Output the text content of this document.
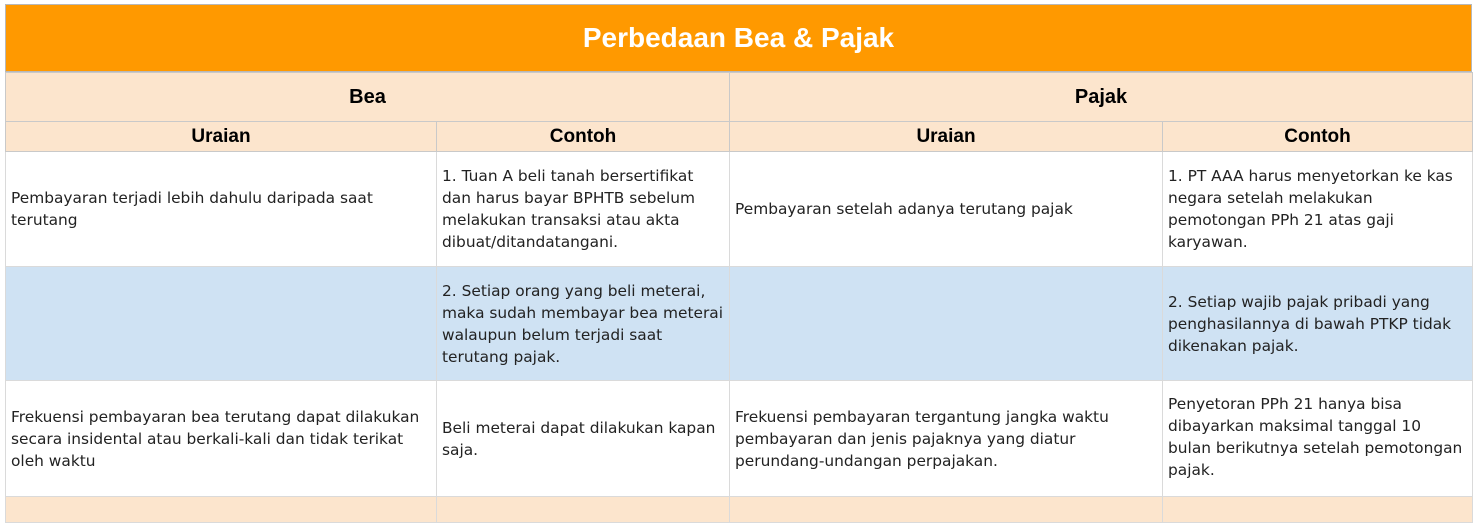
Perbedaan Bea & Pajak
Bea		Pajak	
Uraian	Contoh	Uraian	Contoh
Pembayaran terjadi lebih dahulu daripada saat terutang	1. Tuan A beli tanah bersertifikat dan harus bayar BPHTB sebelum melakukan transaksi atau akta dibuat/ditandatangani.	Pembayaran setelah adanya terutang pajak	1. PT AAA harus menyetorkan ke kas negara setelah melakukan pemotongan PPh 21 atas gaji karyawan.
	2. Setiap orang yang beli meterai, maka sudah membayar bea meterai walaupun belum terjadi saat terutang pajak.		2. Setiap wajib pajak pribadi yang penghasilannya di bawah PTKP tidak dikenakan pajak.
Frekuensi pembayaran bea terutang dapat dilakukan secara insidental atau berkali-kali dan tidak terikat oleh waktu	Beli meterai dapat dilakukan kapan saja.	Frekuensi pembayaran tergantung jangka waktu pembayaran dan jenis pajaknya yang diatur perundang-undangan perpajakan.	Penyetoran PPh 21 hanya bisa dibayarkan maksimal tanggal 10 bulan berikutnya setelah pemotongan pajak.
